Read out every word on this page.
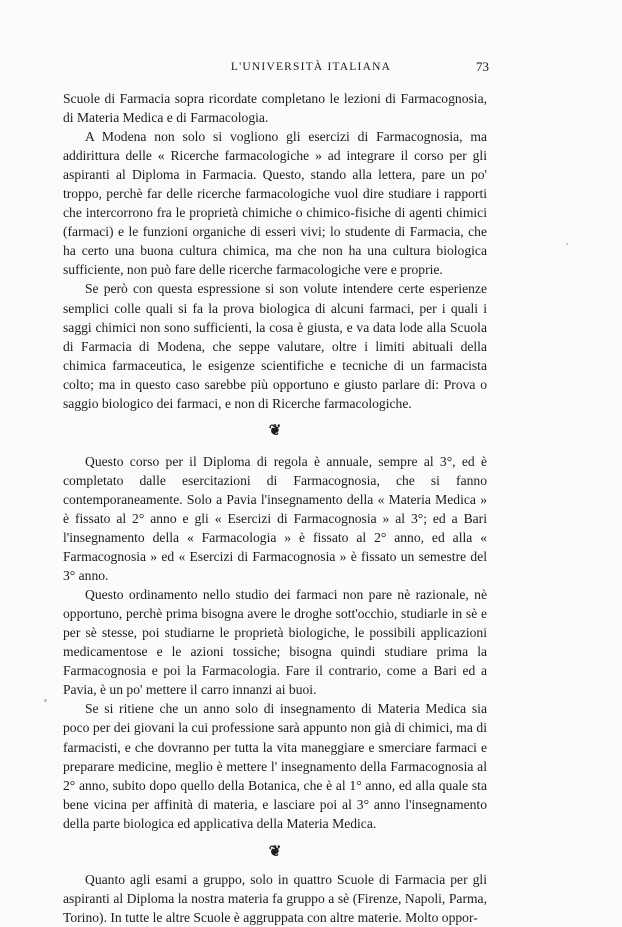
L'UNIVERSITÀ ITALIANA	73

Scuole di Farmacia sopra ricordate completano le lezioni di Farmacognosia, di Materia Medica e di Farmacologia.

A Modena non solo si vogliono gli esercizi di Farmacognosia, ma addirittura delle « Ricerche farmacologiche » ad integrare il corso per gli aspiranti al Diploma in Farmacia. Questo, stando alla lettera, pare un po' troppo, perchè far delle ricerche farmacologiche vuol dire studiare i rapporti che intercorrono fra le proprietà chimiche o chimico-fisiche di agenti chimici (farmaci) e le funzioni organiche di esseri vivi; lo studente di Farmacia, che ha certo una buona cultura chimica, ma che non ha una cultura biologica sufficiente, non può fare delle ricerche farmacologiche vere e proprie.

Se però con questa espressione si son volute intendere certe esperienze semplici colle quali si fa la prova biologica di alcuni farmaci, per i quali i saggi chimici non sono sufficienti, la cosa è giusta, e va data lode alla Scuola di Farmacia di Modena, che seppe valutare, oltre i limiti abituali della chimica farmaceutica, le esigenze scientifiche e tecniche di un farmacista colto; ma in questo caso sarebbe più opportuno e giusto parlare di: Prova o saggio biologico dei farmaci, e non di Ricerche farmacologiche.

❦

Questo corso per il Diploma di regola è annuale, sempre al 3°, ed è completato dalle esercitazioni di Farmacognosia, che si fanno contemporaneamente. Solo a Pavia l'insegnamento della « Materia Medica » è fissato al 2° anno e gli « Esercizi di Farmacognosia » al 3°; ed a Bari l'insegnamento della « Farmacologia » è fissato al 2° anno, ed alla « Farmacognosia » ed « Esercizi di Farmacognosia » è fissato un semestre del 3° anno.

Questo ordinamento nello studio dei farmaci non pare nè razionale, nè opportuno, perchè prima bisogna avere le droghe sott'occhio, studiarle in sè e per sè stesse, poi studiarne le proprietà biologiche, le possibili applicazioni medicamentose e le azioni tossiche; bisogna quindi studiare prima la Farmacognosia e poi la Farmacologia. Fare il contrario, come a Bari ed a Pavia, è un po' mettere il carro innanzi ai buoi.

Se si ritiene che un anno solo di insegnamento di Materia Medica sia poco per dei giovani la cui professione sarà appunto non già di chimici, ma di farmacisti, e che dovranno per tutta la vita maneggiare e smerciare farmaci e preparare medicine, meglio è mettere l' insegnamento della Farmacognosia al 2° anno, subito dopo quello della Botanica, che è al 1° anno, ed alla quale sta bene vicina per affinità di materia, e lasciare poi al 3° anno l'insegnamento della parte biologica ed applicativa della Materia Medica.

❦

Quanto agli esami a gruppo, solo in quattro Scuole di Farmacia per gli aspiranti al Diploma la nostra materia fa gruppo a sè (Firenze, Napoli, Parma, Torino). In tutte le altre Scuole è aggruppata con altre materie. Molto oppor-
